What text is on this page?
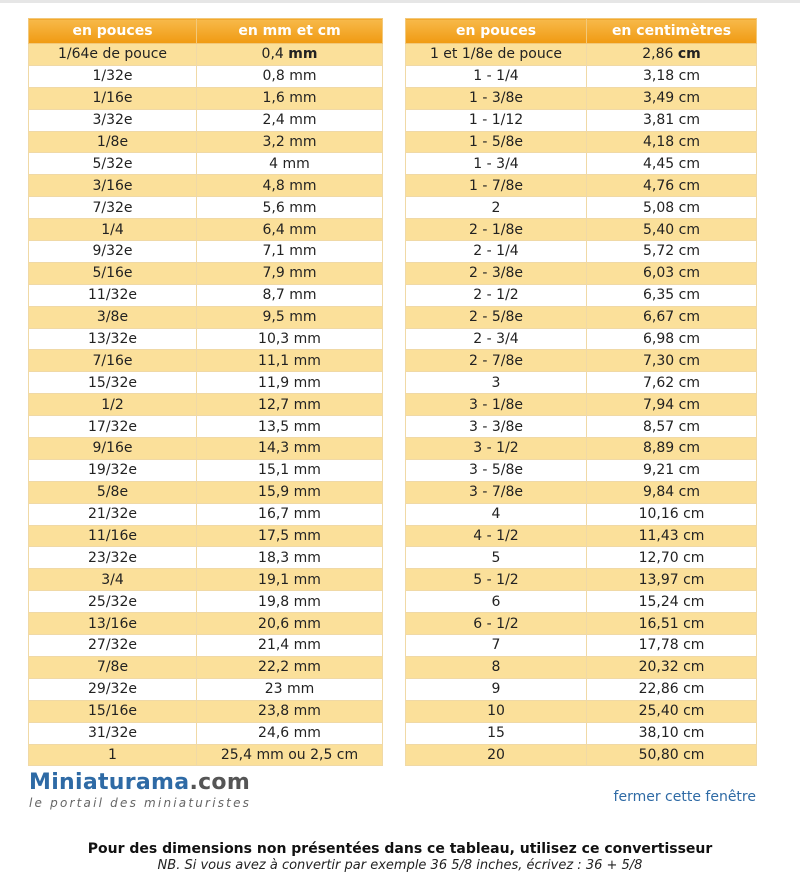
en pouces	en mm et cm
1/64e de pouce	0,4 mm
1/32e	0,8 mm
1/16e	1,6 mm
3/32e	2,4 mm
1/8e	3,2 mm
5/32e	4 mm
3/16e	4,8 mm
7/32e	5,6 mm
1/4	6,4 mm
9/32e	7,1 mm
5/16e	7,9 mm
11/32e	8,7 mm
3/8e	9,5 mm
13/32e	10,3 mm
7/16e	11,1 mm
15/32e	11,9 mm
1/2	12,7 mm
17/32e	13,5 mm
9/16e	14,3 mm
19/32e	15,1 mm
5/8e	15,9 mm
21/32e	16,7 mm
11/16e	17,5 mm
23/32e	18,3 mm
3/4	19,1 mm
25/32e	19,8 mm
13/16e	20,6 mm
27/32e	21,4 mm
7/8e	22,2 mm
29/32e	23 mm
15/16e	23,8 mm
31/32e	24,6 mm
1	25,4 mm ou 2,5 cm
en pouces	en centimètres
1 et 1/8e de pouce	2,86 cm
1 - 1/4	3,18 cm
1 - 3/8e	3,49 cm
1 - 1/12	3,81 cm
1 - 5/8e	4,18 cm
1 - 3/4	4,45 cm
1 - 7/8e	4,76 cm
2	5,08 cm
2 - 1/8e	5,40 cm
2 - 1/4	5,72 cm
2 - 3/8e	6,03 cm
2 - 1/2	6,35 cm
2 - 5/8e	6,67 cm
2 - 3/4	6,98 cm
2 - 7/8e	7,30 cm
3	7,62 cm
3 - 1/8e	7,94 cm
3 - 3/8e	8,57 cm
3 - 1/2	8,89 cm
3 - 5/8e	9,21 cm
3 - 7/8e	9,84 cm
4	10,16 cm
4 - 1/2	11,43 cm
5	12,70 cm
5 - 1/2	13,97 cm
6	15,24 cm
6 - 1/2	16,51 cm
7	17,78 cm
8	20,32 cm
9	22,86 cm
10	25,40 cm
15	38,10 cm
20	50,80 cm
Miniaturama.com
le portail des miniaturistes	fermer cette fenêtre
Pour des dimensions non présentées dans ce tableau, utilisez ce convertisseur
NB. Si vous avez à convertir par exemple 36 5/8 inches, écrivez : 36 + 5/8
